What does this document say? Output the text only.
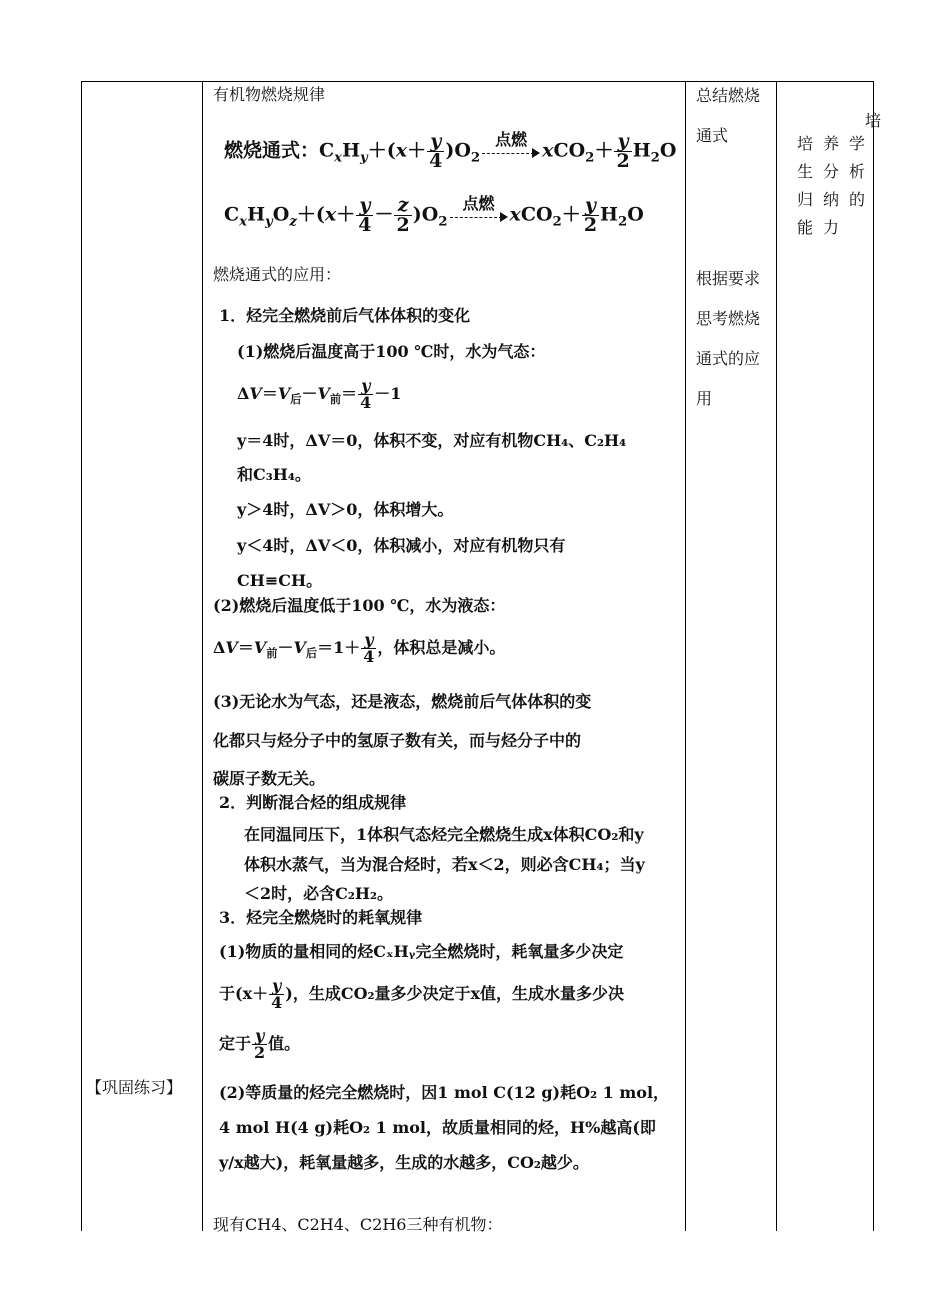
【巩固练习】
有机物燃烧规律
燃烧通式：$C_xH_y+(x+ \frac{y}{4} )O_2$
点燃
$xCO_2+ \frac{y}{2} H_2O$
$C_xH_yO_z+(x+ \frac{y}{4} - \frac{z}{2} )O_2$
点燃
$xCO_2+ \frac{y}{2} H_2O$
燃烧通式的应用：
1．烃完全燃烧前后气体体积的变化
(1)燃烧后温度高于100 ℃时，水为气态：
$\Delta V=V_后-V_前= \frac{y}{4} -1$
y＝4时，ΔV＝0，体积不变，对应有机物CH₄、C₂H₄
和C₃H₄。
y＞4时，ΔV＞0，体积增大。
y＜4时，ΔV＜0，体积减小，对应有机物只有
CH≡CH。
(2)燃烧后温度低于100 ℃，水为液态：
$\Delta V=V_前-V_后=1+ \frac{y}{4}$ ，体积总是减小。
(3)无论水为气态，还是液态，燃烧前后气体体积的变
化都只与烃分子中的氢原子数有关，而与烃分子中的
碳原子数无关。
2．判断混合烃的组成规律
在同温同压下，1体积气态烃完全燃烧生成x体积CO₂和y
体积水蒸气，当为混合烃时，若x＜2，则必含CH₄；当y
＜2时，必含C₂H₂。
3．烃完全燃烧时的耗氧规律
(1)物质的量相同的烃CₓHᵧ完全燃烧时，耗氧量多少决定
于($x+ \frac{y}{4}$ )，生成CO₂量多少决定于x值，生成水量多少决
定于 $\frac{y}{2}$ 值。
(2)等质量的烃完全燃烧时，因1 mol C(12 g)耗O₂ 1 mol，
4 mol H(4 g)耗O₂ 1 mol，故质量相同的烃，H%越高(即
y/x越大)，耗氧量越多，生成的水越多，CO₂越少。
现有CH4、C2H4、C2H6三种有机物：
总结燃烧
通式
根据要求
思考燃烧
通式的应
用
培
培养学
生分析
归纳的
能力
